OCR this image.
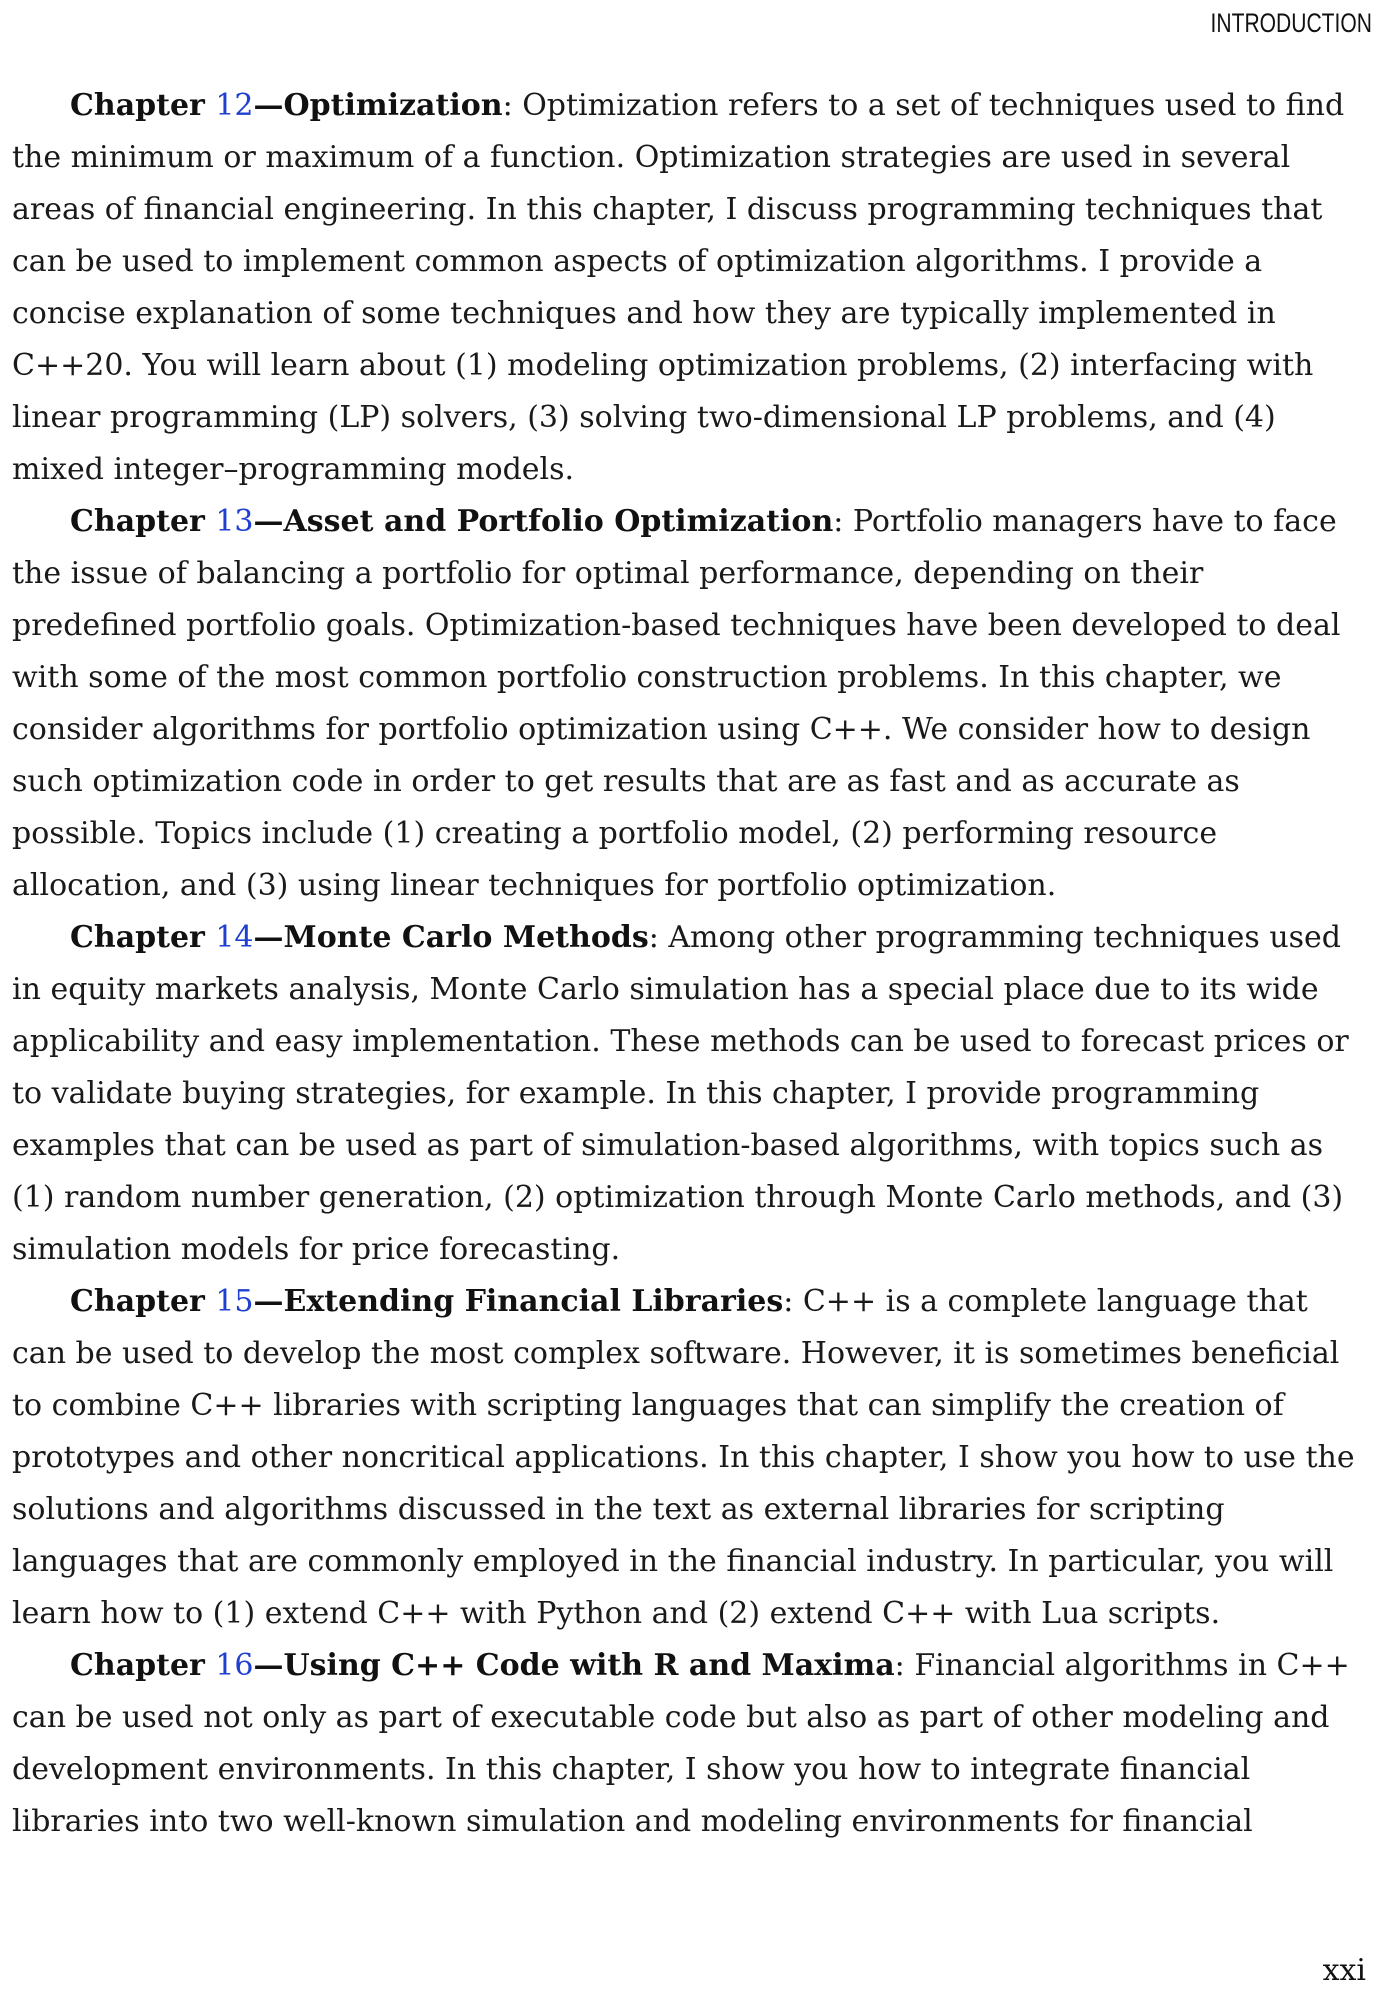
INTRODUCTION

Chapter 12—Optimization: Optimization refers to a set of techniques used to find the minimum or maximum of a function. Optimization strategies are used in several areas of financial engineering. In this chapter, I discuss programming techniques that can be used to implement common aspects of optimization algorithms. I provide a concise explanation of some techniques and how they are typically implemented in C++20. You will learn about (1) modeling optimization problems, (2) interfacing with linear programming (LP) solvers, (3) solving two-dimensional LP problems, and (4) mixed integer–programming models.

Chapter 13—Asset and Portfolio Optimization: Portfolio managers have to face the issue of balancing a portfolio for optimal performance, depending on their predefined portfolio goals. Optimization-based techniques have been developed to deal with some of the most common portfolio construction problems. In this chapter, we consider algorithms for portfolio optimization using C++. We consider how to design such optimization code in order to get results that are as fast and as accurate as possible. Topics include (1) creating a portfolio model, (2) performing resource allocation, and (3) using linear techniques for portfolio optimization.

Chapter 14—Monte Carlo Methods: Among other programming techniques used in equity markets analysis, Monte Carlo simulation has a special place due to its wide applicability and easy implementation. These methods can be used to forecast prices or to validate buying strategies, for example. In this chapter, I provide programming examples that can be used as part of simulation-based algorithms, with topics such as (1) random number generation, (2) optimization through Monte Carlo methods, and (3) simulation models for price forecasting.

Chapter 15—Extending Financial Libraries: C++ is a complete language that can be used to develop the most complex software. However, it is sometimes beneficial to combine C++ libraries with scripting languages that can simplify the creation of prototypes and other noncritical applications. In this chapter, I show you how to use the solutions and algorithms discussed in the text as external libraries for scripting languages that are commonly employed in the financial industry. In particular, you will learn how to (1) extend C++ with Python and (2) extend C++ with Lua scripts.

Chapter 16—Using C++ Code with R and Maxima: Financial algorithms in C++ can be used not only as part of executable code but also as part of other modeling and development environments. In this chapter, I show you how to integrate financial libraries into two well-known simulation and modeling environments for financial

xxi
